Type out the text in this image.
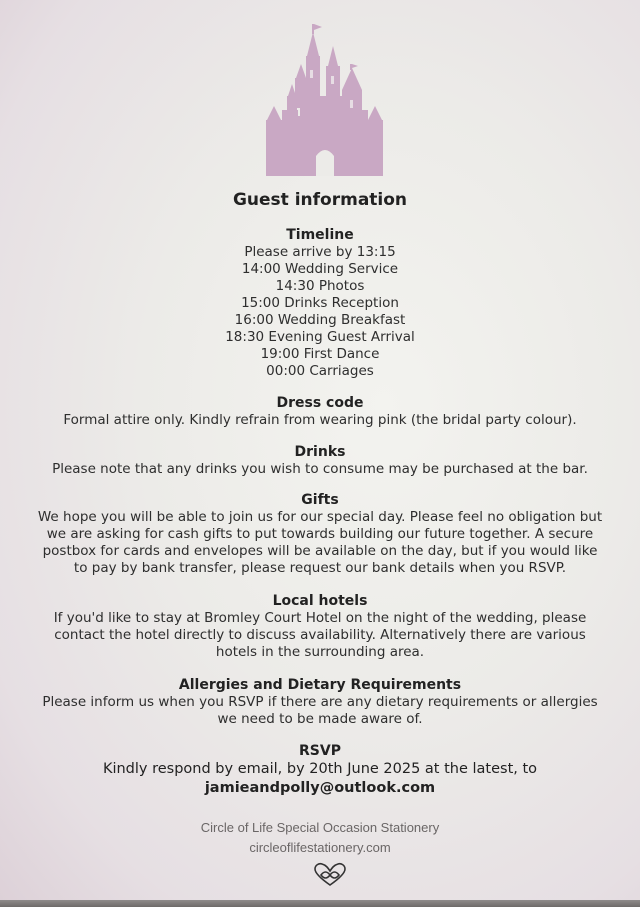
Guest information
Timeline
Please arrive by 13:15
14:00 Wedding Service
14:30 Photos
15:00 Drinks Reception
16:00 Wedding Breakfast
18:30 Evening Guest Arrival
19:00 First Dance
00:00 Carriages
Dress code
Formal attire only. Kindly refrain from wearing pink (the bridal party colour).
Drinks
Please note that any drinks you wish to consume may be purchased at the bar.
Gifts
We hope you will be able to join us for our special day. Please feel no obligation but
we are asking for cash gifts to put towards building our future together. A secure
postbox for cards and envelopes will be available on the day, but if you would like
to pay by bank transfer, please request our bank details when you RSVP.
Local hotels
If you'd like to stay at Bromley Court Hotel on the night of the wedding, please
contact the hotel directly to discuss availability. Alternatively there are various
hotels in the surrounding area.
Allergies and Dietary Requirements
Please inform us when you RSVP if there are any dietary requirements or allergies
we need to be made aware of.
RSVP
Kindly respond by email, by 20th June 2025 at the latest, to
jamieandpolly@outlook.com
Circle of Life Special Occasion Stationery
circleoflifestationery.com
